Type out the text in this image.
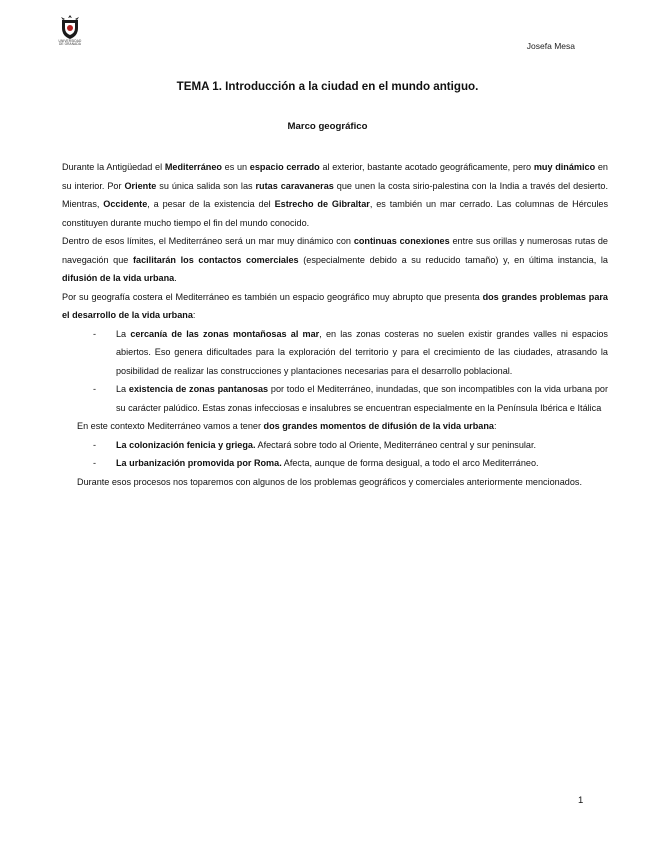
UNIVERSIDAD
DE GRANADA	Josefa Mesa
TEMA 1. Introducción a la ciudad en el mundo antiguo.
Marco geográfico

Durante la Antigüedad el Mediterráneo es un espacio cerrado al exterior, bastante acotado geográficamente, pero muy dinámico en su interior. Por Oriente su única salida son las rutas caravaneras que unen la costa sirio-palestina con la India a través del desierto. Mientras, Occidente, a pesar de la existencia del Estrecho de Gibraltar, es también un mar cerrado. Las columnas de Hércules constituyen durante mucho tiempo el fin del mundo conocido.

Dentro de esos límites, el Mediterráneo será un mar muy dinámico con continuas conexiones entre sus orillas y numerosas rutas de navegación que facilitarán los contactos comerciales (especialmente debido a su reducido tamaño) y, en última instancia, la difusión de la vida urbana.

Por su geografía costera el Mediterráneo es también un espacio geográfico muy abrupto que presenta dos grandes problemas para el desarrollo de la vida urbana:

- La cercanía de las zonas montañosas al mar, en las zonas costeras no suelen existir grandes valles ni espacios abiertos. Eso genera dificultades para la exploración del territorio y para el crecimiento de las ciudades, atrasando la posibilidad de realizar las construcciones y plantaciones necesarias para el desarrollo poblacional.
- La existencia de zonas pantanosas por todo el Mediterráneo, inundadas, que son incompatibles con la vida urbana por su carácter palúdico. Estas zonas infecciosas e insalubres se encuentran especialmente en la Península Ibérica e Itálica

En este contexto Mediterráneo vamos a tener dos grandes momentos de difusión de la vida urbana:

- La colonización fenicia y griega. Afectará sobre todo al Oriente, Mediterráneo central y sur peninsular.
- La urbanización promovida por Roma. Afecta, aunque de forma desigual, a todo el arco Mediterráneo.

Durante esos procesos nos toparemos con algunos de los problemas geográficos y comerciales anteriormente mencionados.

1
